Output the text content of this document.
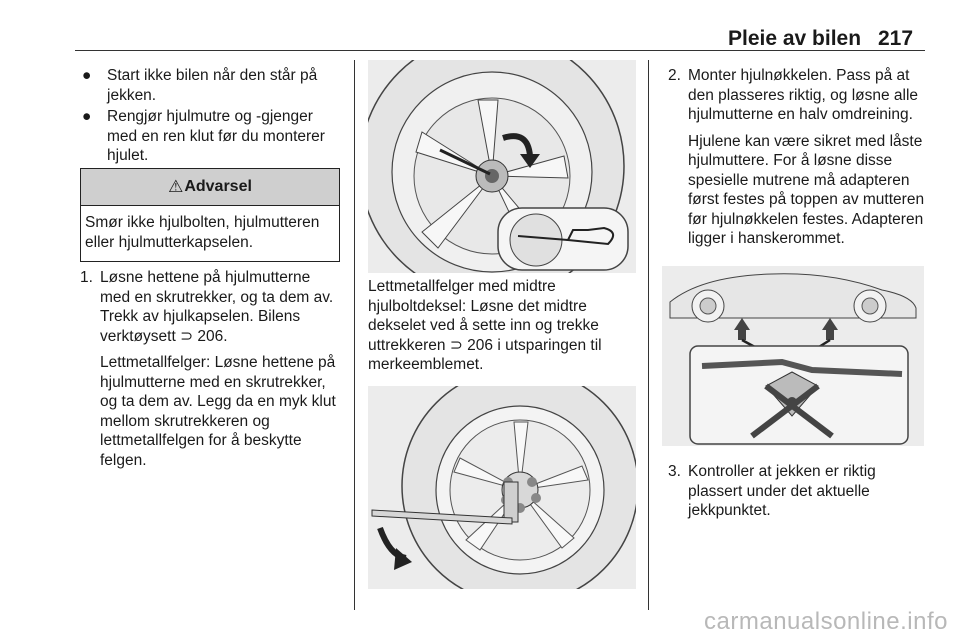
Pleie av bilen 217
● Start ikke bilen når den står på jekken.
● Rengjør hjulmutre og -gjenger med en ren klut før du monterer hjulet.
⚠ Advarsel
Smør ikke hjulbolten, hjulmutteren eller hjulmutterkapselen.
1. Løsne hettene på hjulmutterne med en skrutrekker, og ta dem av. Trekk av hjulkapselen. Bilens verktøysett ⊃ 206.
Lettmetallfelger: Løsne hettene på hjulmutterne med en skrutrekker, og ta dem av. Legg da en myk klut mellom skrutrekkeren og lettmetallfelgen for å beskytte felgen.
Lettmetallfelger med midtre hjulboltdeksel: Løsne det midtre dekselet ved å sette inn og trekke uttrekkeren ⊃ 206 i utsparingen til merkeemblemet.
2. Monter hjulnøkkelen. Pass på at den plasseres riktig, og løsne alle hjulmutterne en halv omdreining.
Hjulene kan være sikret med låste hjulmuttere. For å løsne disse spesielle mutrene må adapteren først festes på toppen av mutteren før hjulnøkkelen festes. Adapteren ligger i hanskerommet.
3. Kontroller at jekken er riktig plassert under det aktuelle jekkpunktet.
carmanualsonline.info
